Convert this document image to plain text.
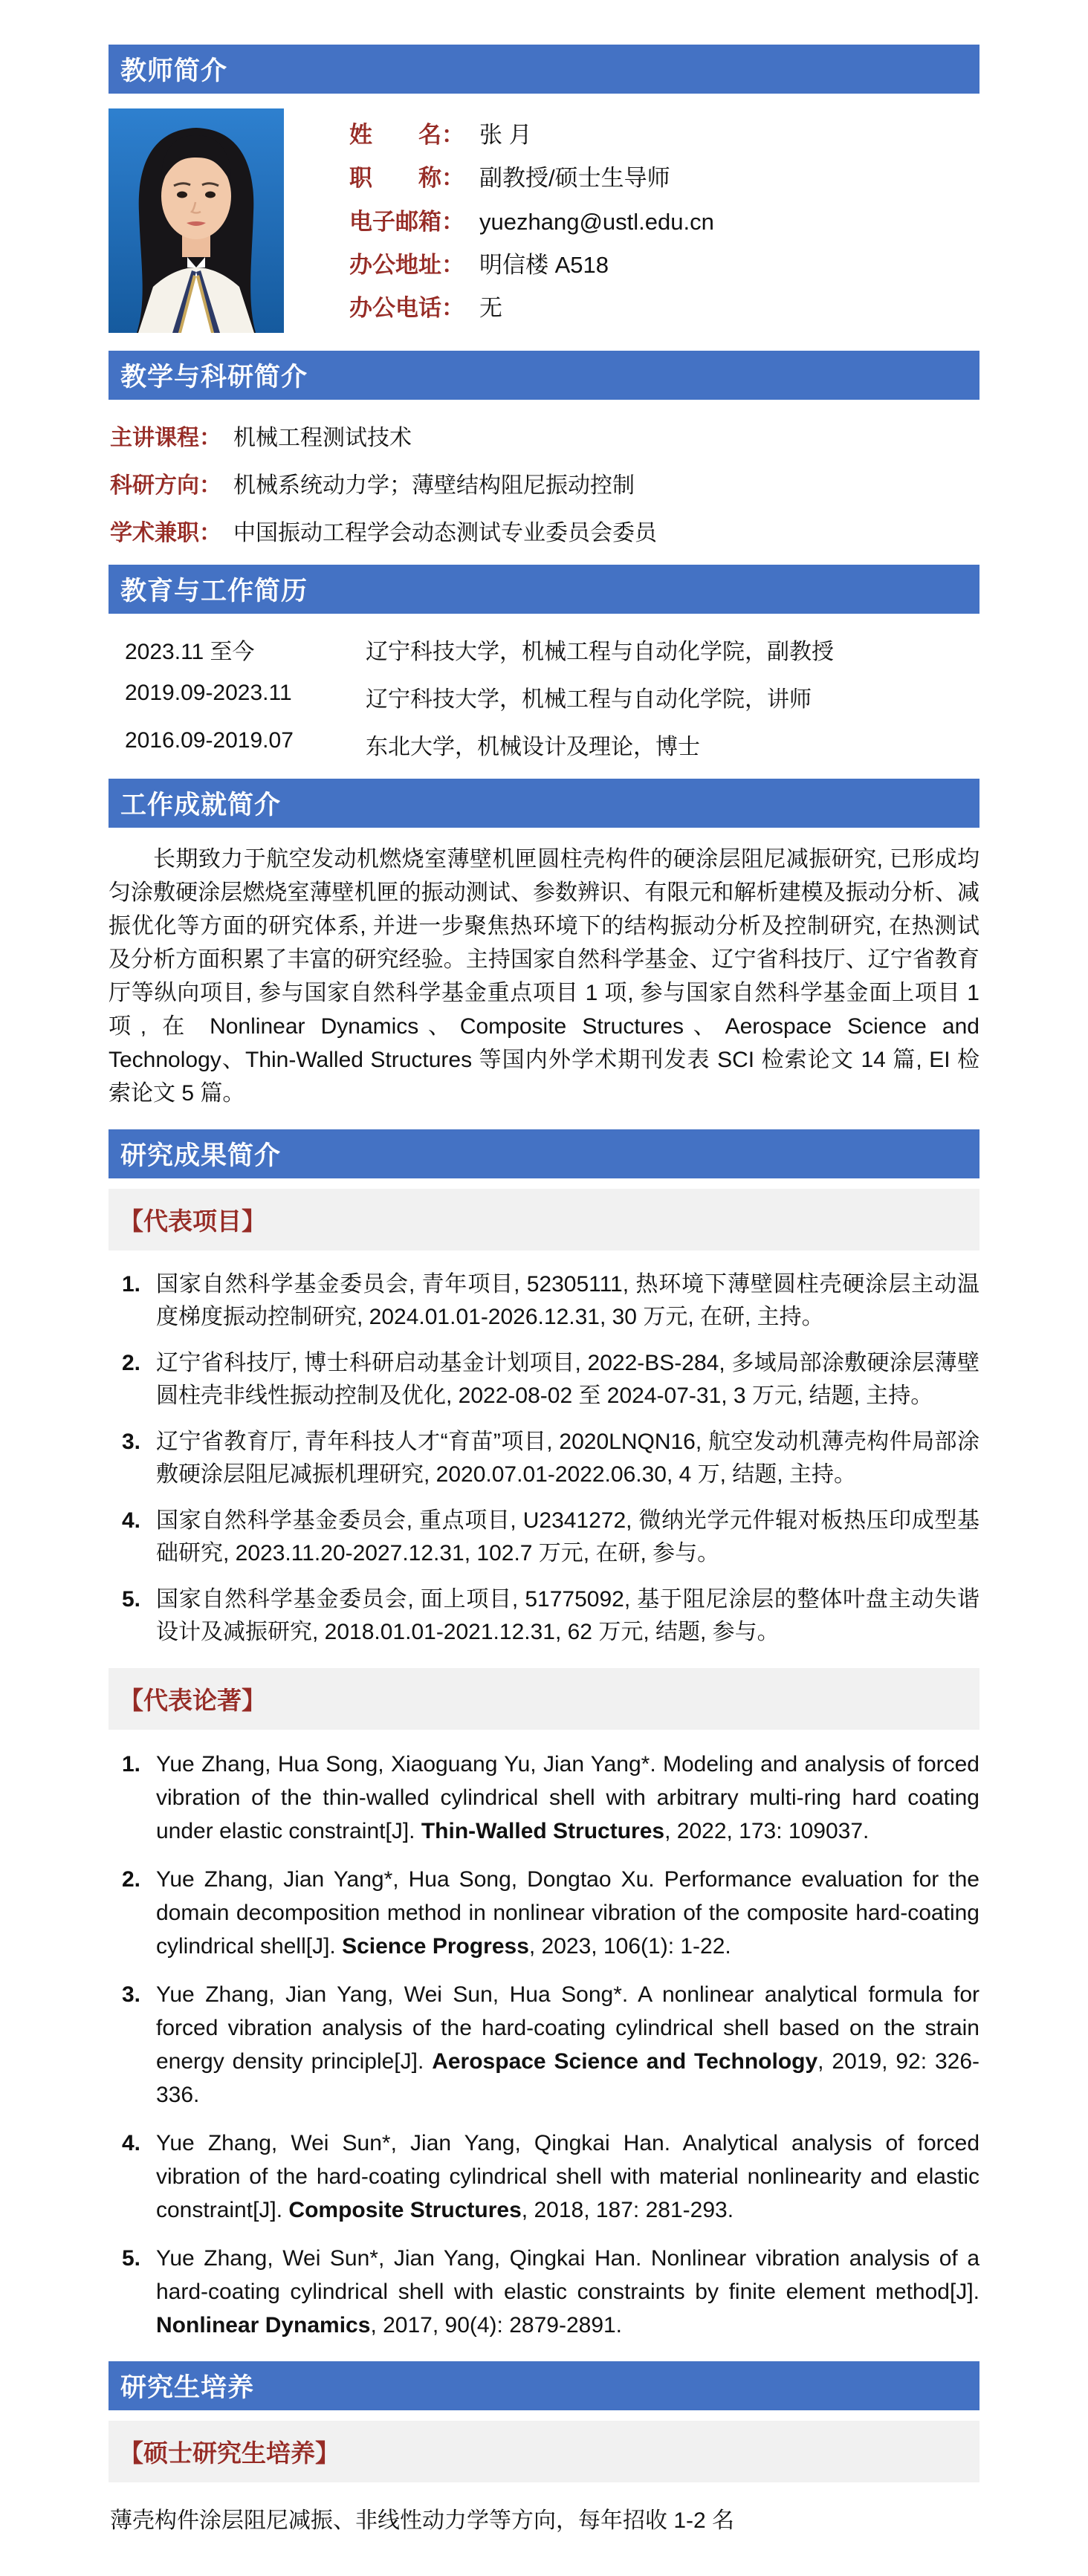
教师简介
姓　　名： 张 月
职　　称： 副教授/硕士生导师
电子邮箱： yuezhang@ustl.edu.cn
办公地址： 明信楼 A518
办公电话： 无
教学与科研简介
主讲课程： 机械工程测试技术
科研方向： 机械系统动力学；薄壁结构阻尼振动控制
学术兼职： 中国振动工程学会动态测试专业委员会委员
教育与工作简历
2023.11 至今	辽宁科技大学，机械工程与自动化学院，副教授
2019.09-2023.11	辽宁科技大学，机械工程与自动化学院，讲师
2016.09-2019.07	东北大学，机械设计及理论，博士
工作成就简介

长期致力于航空发动机燃烧室薄壁机匣圆柱壳构件的硬涂层阻尼减振研究, 已形成均匀涂敷硬涂层燃烧室薄壁机匣的振动测试、参数辨识、有限元和解析建模及振动分析、减振优化等方面的研究体系, 并进一步聚焦热环境下的结构振动分析及控制研究, 在热测试及分析方面积累了丰富的研究经验。主持国家自然科学基金、辽宁省科技厅、辽宁省教育厅等纵向项目, 参与国家自然科学基金重点项目 1 项, 参与国家自然科学基金面上项目 1 项, 在 Nonlinear Dynamics、Composite Structures、Aerospace Science and Technology、Thin-Walled Structures 等国内外学术期刊发表 SCI 检索论文 14 篇, EI 检索论文 5 篇。

研究成果简介
【代表项目】
1. 国家自然科学基金委员会, 青年项目, 52305111, 热环境下薄壁圆柱壳硬涂层主动温度梯度振动控制研究, 2024.01.01-2026.12.31, 30 万元, 在研, 主持。
2. 辽宁省科技厅, 博士科研启动基金计划项目, 2022-BS-284, 多域局部涂敷硬涂层薄壁圆柱壳非线性振动控制及优化, 2022-08-02 至 2024-07-31, 3 万元, 结题, 主持。
3. 辽宁省教育厅, 青年科技人才“育苗”项目, 2020LNQN16, 航空发动机薄壳构件局部涂敷硬涂层阻尼减振机理研究, 2020.07.01-2022.06.30, 4 万, 结题, 主持。
4. 国家自然科学基金委员会, 重点项目, U2341272, 微纳光学元件辊对板热压印成型基础研究, 2023.11.20-2027.12.31, 102.7 万元, 在研, 参与。
5. 国家自然科学基金委员会, 面上项目, 51775092, 基于阻尼涂层的整体叶盘主动失谐设计及减振研究, 2018.01.01-2021.12.31, 62 万元, 结题, 参与。
【代表论著】
1. Yue Zhang, Hua Song, Xiaoguang Yu, Jian Yang*. Modeling and analysis of forced vibration of the thin-walled cylindrical shell with arbitrary multi-ring hard coating under elastic constraint[J]. Thin-Walled Structures, 2022, 173: 109037.
2. Yue Zhang, Jian Yang*, Hua Song, Dongtao Xu. Performance evaluation for the domain decomposition method in nonlinear vibration of the composite hard-coating cylindrical shell[J]. Science Progress, 2023, 106(1): 1-22.
3. Yue Zhang, Jian Yang, Wei Sun, Hua Song*. A nonlinear analytical formula for forced vibration analysis of the hard-coating cylindrical shell based on the strain energy density principle[J]. Aerospace Science and Technology, 2019, 92: 326-336.
4. Yue Zhang, Wei Sun*, Jian Yang, Qingkai Han. Analytical analysis of forced vibration of the hard-coating cylindrical shell with material nonlinearity and elastic constraint[J]. Composite Structures, 2018, 187: 281-293.
5. Yue Zhang, Wei Sun*, Jian Yang, Qingkai Han. Nonlinear vibration analysis of a hard-coating cylindrical shell with elastic constraints by finite element method[J]. Nonlinear Dynamics, 2017, 90(4): 2879-2891.
研究生培养
【硕士研究生培养】

薄壳构件涂层阻尼减振、非线性动力学等方向，每年招收 1-2 名
